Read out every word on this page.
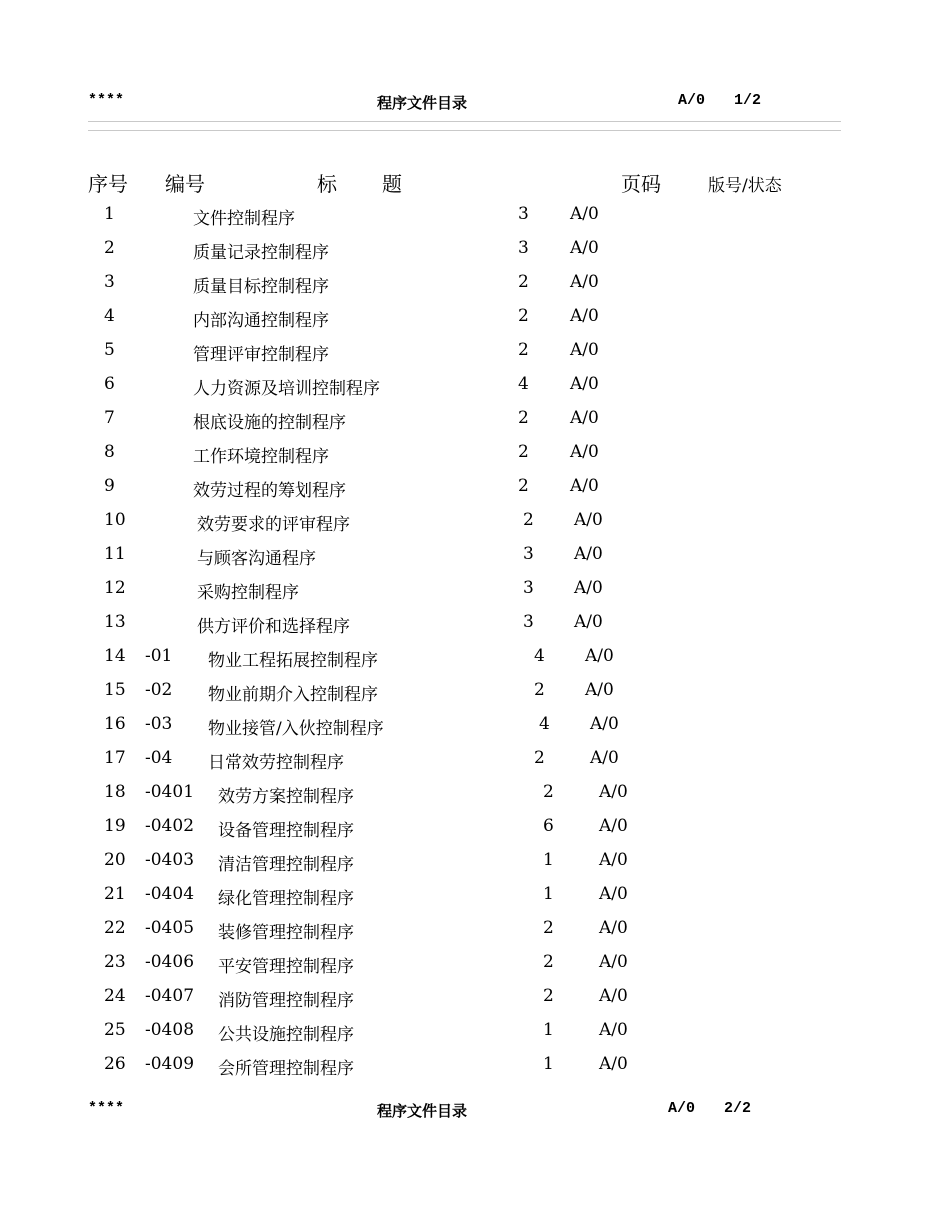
****	程序文件目录	A/0 1/2
序号 编号	标 题	页码	版号/状态
1	文件控制程序	3 A/0
2	质量记录控制程序	3 A/0
3	质量目标控制程序	2 A/0
4	内部沟通控制程序	2 A/0
5	管理评审控制程序	2 A/0
6	人力资源及培训控制程序	4 A/0
7	根底设施的控制程序	2 A/0
8	工作环境控制程序	2 A/0
9	效劳过程的筹划程序	2 A/0
10	效劳要求的评审程序	2 A/0
11	与顾客沟通程序	3 A/0
12	采购控制程序	3 A/0
13	供方评价和选择程序	3 A/0
14 -01 物业工程拓展控制程序	4 A/0
15 -02 物业前期介入控制程序	2 A/0
16 -03 物业接管/入伙控制程序	4 A/0
17 -04 日常效劳控制程序	2	A/0
18 -0401 效劳方案控制程序	2	A/0
19 -0402 设备管理控制程序	6	A/0
20 -0403 清洁管理控制程序	1	A/0
21 -0404 绿化管理控制程序	1	A/0
22 -0405 装修管理控制程序	2	A/0
23 -0406 平安管理控制程序	2	A/0
24 -0407 消防管理控制程序	2	A/0
25 -0408 公共设施控制程序	1	A/0
26 -0409 会所管理控制程序	1	A/0
****	程序文件目录	A/0 2/2
